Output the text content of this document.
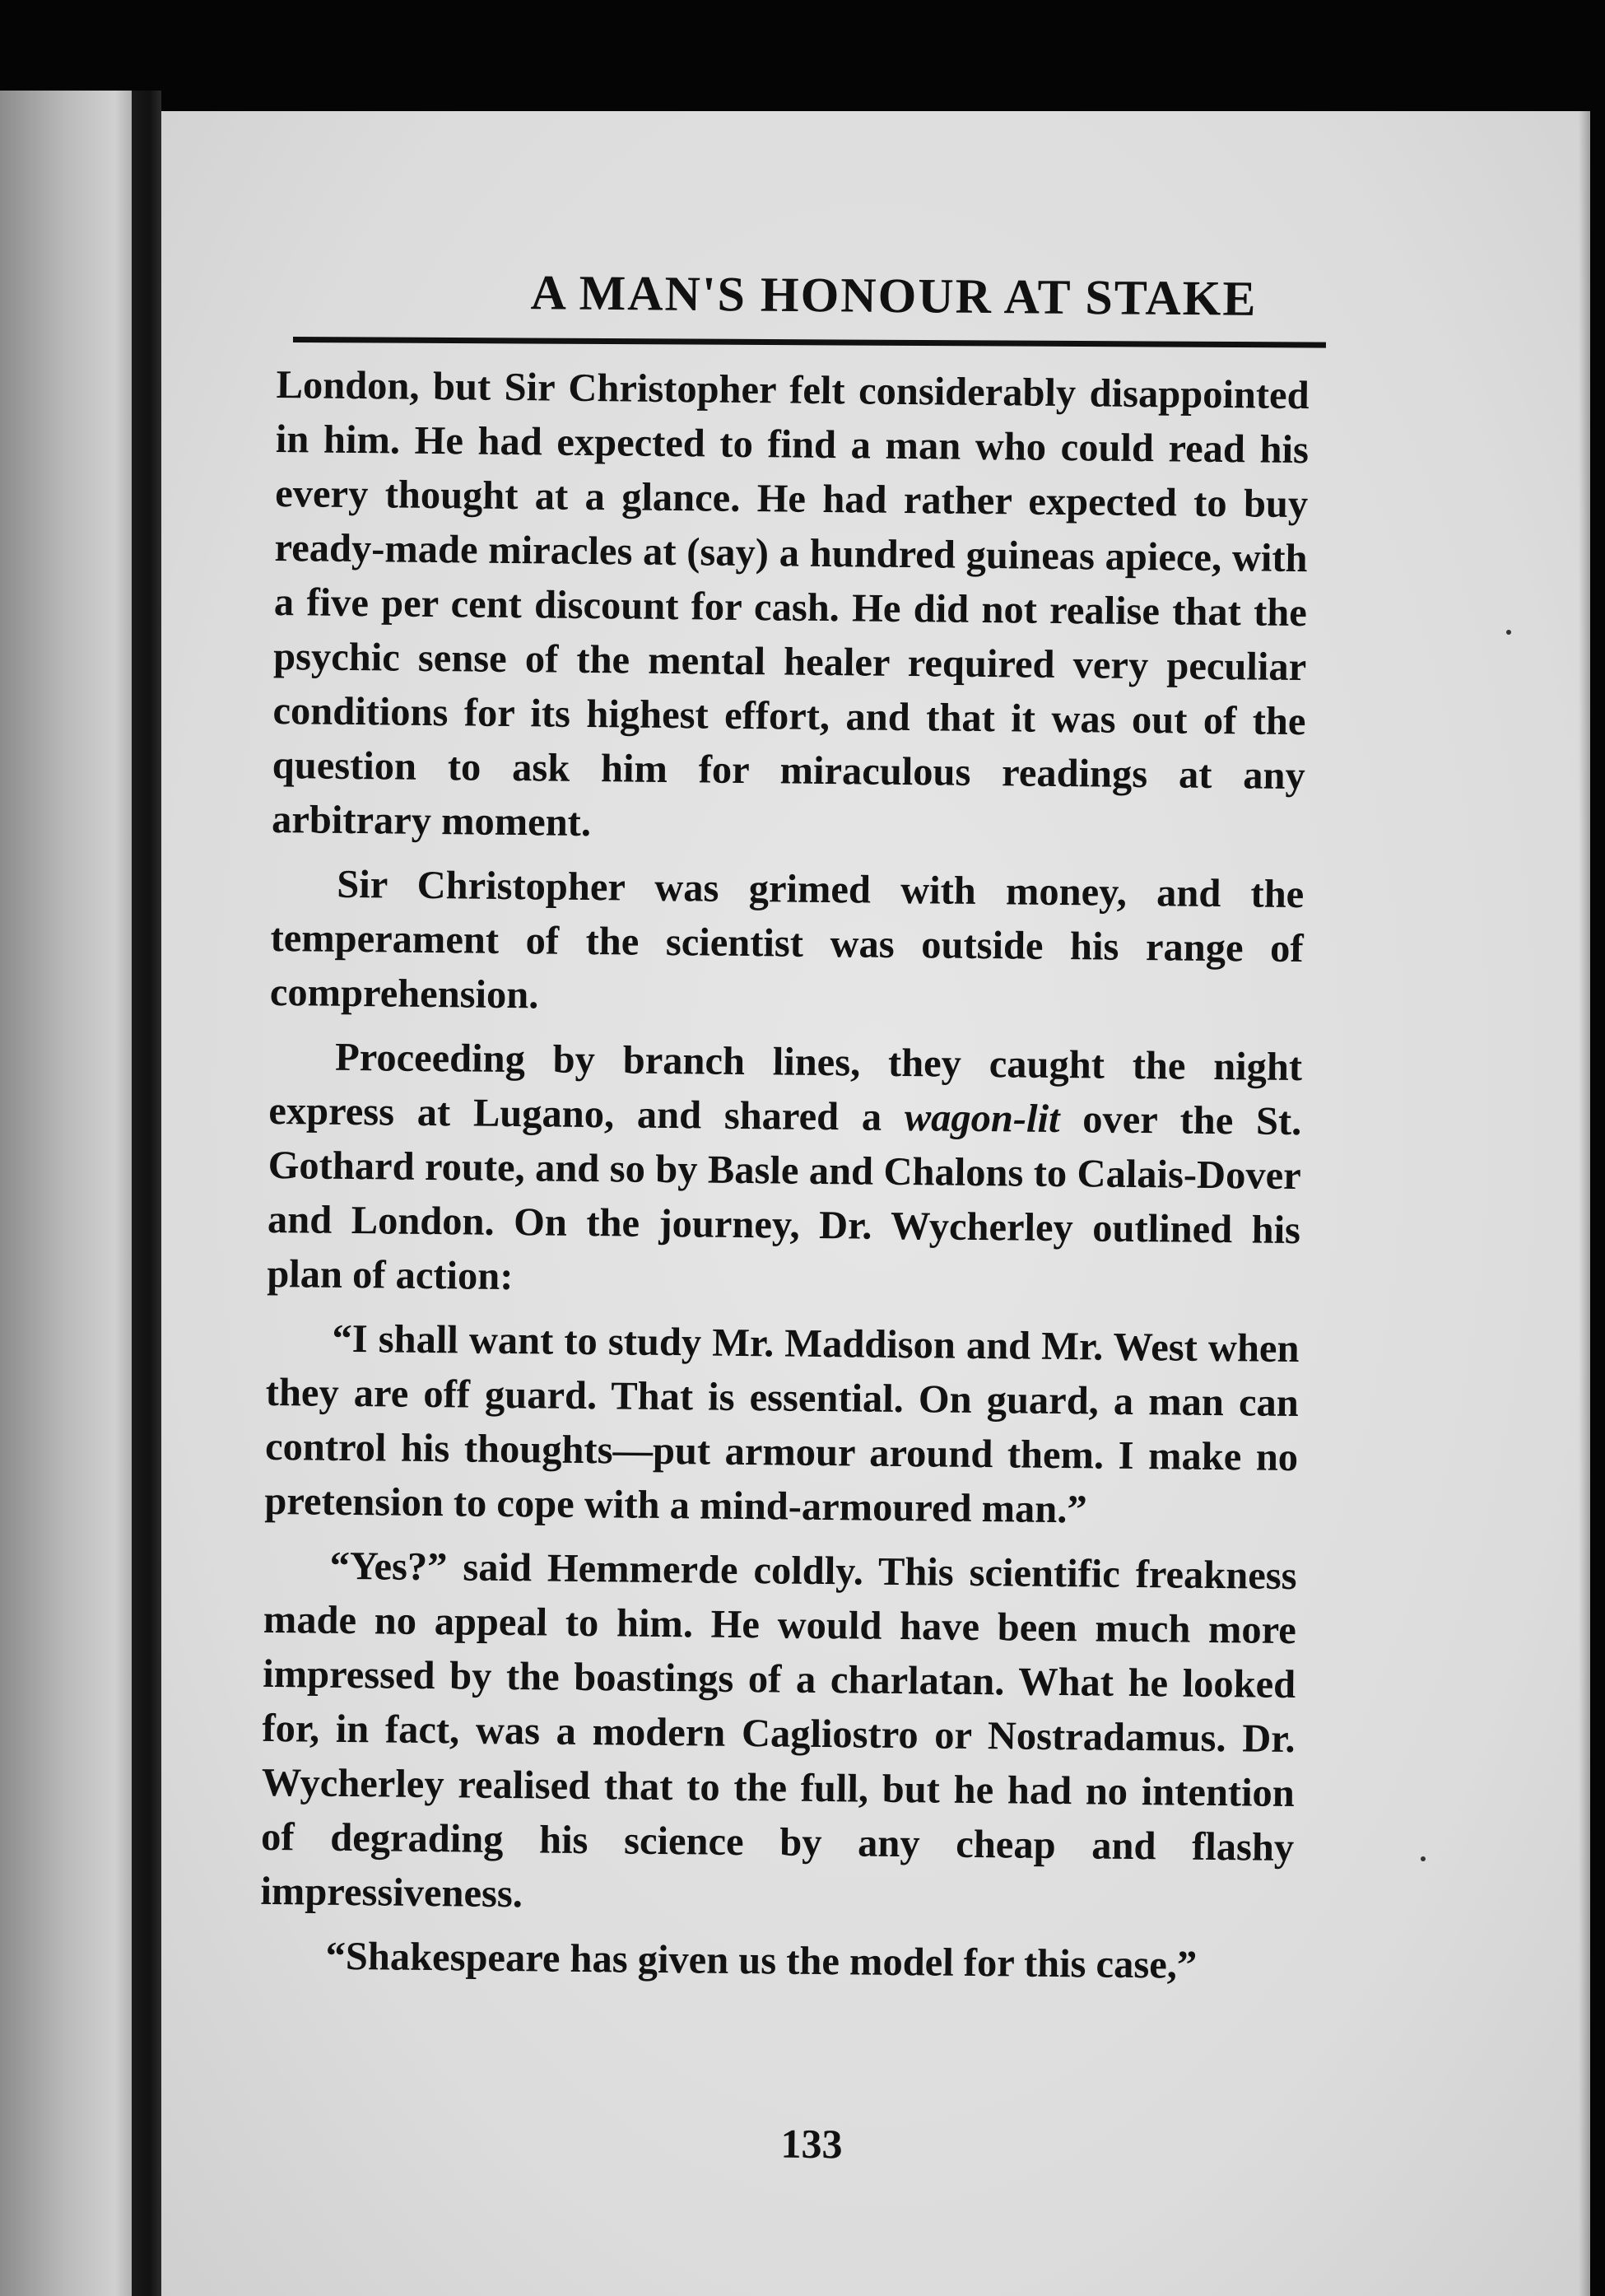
A MAN'S HONOUR AT STAKE

London, but Sir Christopher felt considerably disappointed in him. He had expected to find a man who could read his every thought at a glance. He had rather expected to buy ready-made miracles at (say) a hundred guineas apiece, with a five per cent discount for cash. He did not realise that the psychic sense of the mental healer required very peculiar conditions for its highest effort, and that it was out of the question to ask him for miraculous readings at any arbitrary moment.

Sir Christopher was grimed with money, and the temperament of the scientist was outside his range of comprehension.

Proceeding by branch lines, they caught the night express at Lugano, and shared a wagon-lit over the St. Gothard route, and so by Basle and Chalons to Calais-Dover and London. On the journey, Dr. Wycherley outlined his plan of action:

“I shall want to study Mr. Maddison and Mr. West when they are off guard. That is essential. On guard, a man can control his thoughts—put armour around them. I make no pretension to cope with a mind-armoured man.”

“Yes?” said Hemmerde coldly. This scientific freakness made no appeal to him. He would have been much more impressed by the boastings of a charlatan. What he looked for, in fact, was a modern Cagliostro or Nostradamus. Dr. Wycherley realised that to the full, but he had no intention of degrading his science by any cheap and flashy impressiveness.

“Shakespeare has given us the model for this case,”

133
